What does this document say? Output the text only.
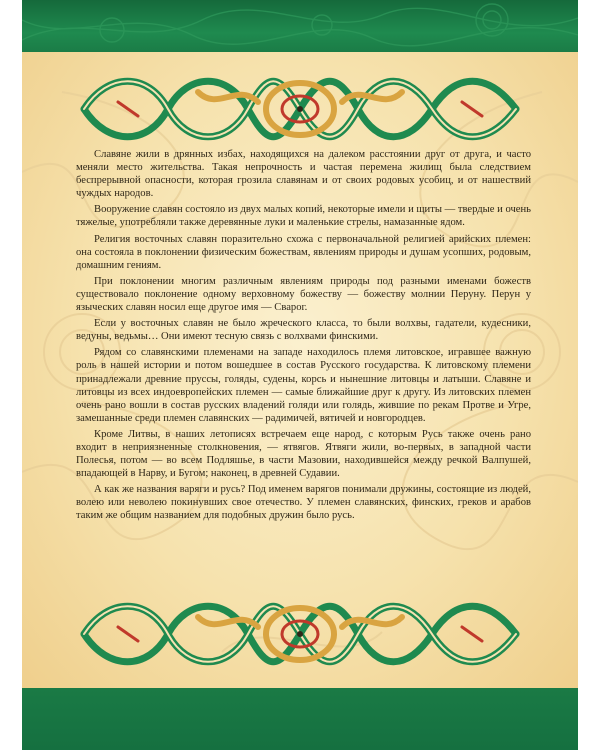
Славяне жили в дрянных избах, находящихся на далеком расстоянии друг от друга, и часто меняли место жительства. Такая непрочность и частая перемена жилищ была следствием беспрерывной опасности, которая грозила славянам и от своих родовых усобиц, и от нашествий чуждых народов.

Вооружение славян состояло из двух малых копий, некоторые имели и щиты — твердые и очень тяжелые, употребляли также деревянные луки и маленькие стрелы, намазанные ядом.

Религия восточных славян поразительно схожа с первоначальной религией арийских племен: она состояла в поклонении физическим божествам, явлениям природы и душам усопших, родовым, домашним гениям.

При поклонении многим различным явлениям природы под разными именами божеств существовало поклонение одному верховному божеству — божеству молнии Перуну. Перун у языческих славян носил еще другое имя — Сварог.

Если у восточных славян не было жреческого класса, то были волхвы, гадатели, кудесники, ведуны, ведьмы… Они имеют тесную связь с волхвами финскими.

Рядом со славянскими племенами на западе находилось племя литовское, игравшее важную роль в нашей истории и потом вошедшее в состав Русского государства. К литовскому племени принадлежали древние пруссы, голяды, судены, корсь и нынешние литовцы и латыши. Славяне и литовцы из всех индоевропейских племен — самые ближайшие друг к другу. Из литовских племен очень рано вошли в состав русских владений голяди или голядь, жившие по рекам Протве и Угре, замешанные среди племен славянских — радимичей, вятичей и новгородцев.

Кроме Литвы, в наших летописях встречаем еще народ, с которым Русь также очень рано входит в неприязненные столкновения, — ятвягов. Ятвяги жили, во-первых, в западной части Полесья, потом — во всем Подляшье, в части Мазовии, находившейся между речкой Валпушей, впадающей в Нарву, и Бугом; наконец, в древней Судавии.

А как же названия варяги и русь? Под именем варягов понимали дружины, состоящие из людей, волею или неволею покинувших свое отечество. У племен славянских, финских, греков и арабов таким же общим названием для подобных дружин было русь.
